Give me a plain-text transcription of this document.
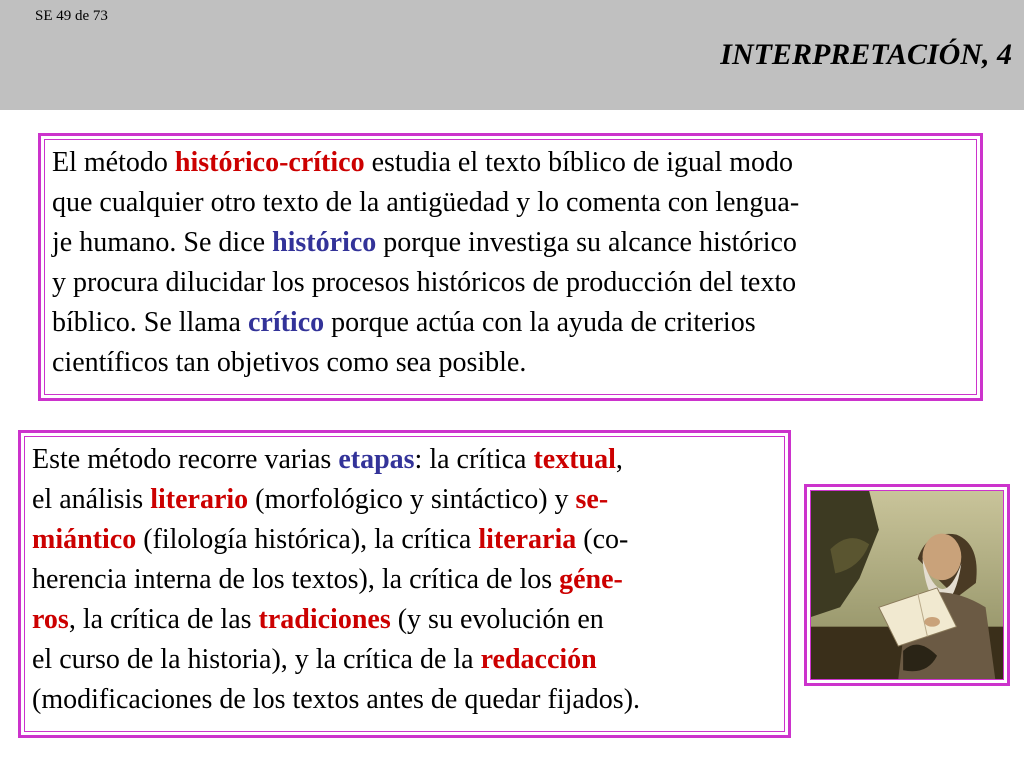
SE 49 de 73
INTERPRETACIÓN, 4
El método histórico-crítico estudia el texto bíblico de igual modo
que cualquier otro texto de la antigüedad y lo comenta con lengua-
je humano. Se dice histórico porque investiga su alcance histórico
y procura dilucidar los procesos históricos de producción del texto
bíblico. Se llama crítico porque actúa con la ayuda de criterios
científicos tan objetivos como sea posible.
Este método recorre varias etapas: la crítica textual,
el análisis literario (morfológico y sintáctico) y se-
miántico (filología histórica), la crítica literaria (co-
herencia interna de los textos), la crítica de los géne-
ros, la crítica de las tradiciones (y su evolución en
el curso de la historia), y la crítica de la redacción
(modificaciones de los textos antes de quedar fijados).
